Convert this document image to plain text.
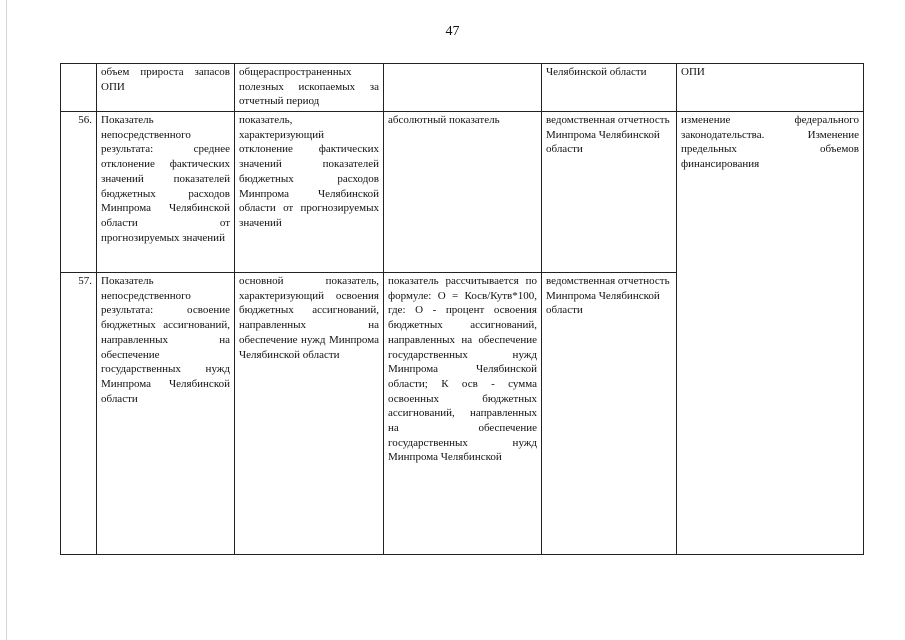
47
	объем прироста запасов ОПИ	общераспространенных полезных ископаемых за отчетный период		Челябинской области	ОПИ
56.	Показатель непосредственного результата: среднее отклонение фактических значений показателей бюджетных расходов Минпрома Челябинской области от прогнозируемых значений	показатель, характеризующий отклонение фактических значений показателей бюджетных расходов Минпрома Челябинской области от прогнозируемых значений	абсолютный показатель	ведомственная отчетность Минпрома Челябинской области	изменение федерального законодательства. Изменение предельных объемов финансирования
57.	Показатель непосредственного результата: освоение бюджетных ассигнований, направленных на обеспечение государственных нужд Минпрома Челябинской области	основной показатель, характеризующий освоения бюджетных ассигнований, направленных на обеспечение нужд Минпрома Челябинской области	показатель рассчитывается по формуле: О = Косв/Кутв*100, где: О - процент освоения бюджетных ассигнований, направленных на обеспечение государственных нужд Минпрома Челябинской области; К осв - сумма освоенных бюджетных ассигнований, направленных на обеспечение государственных нужд Минпрома Челябинской	ведомственная отчетность Минпрома Челябинской области	
